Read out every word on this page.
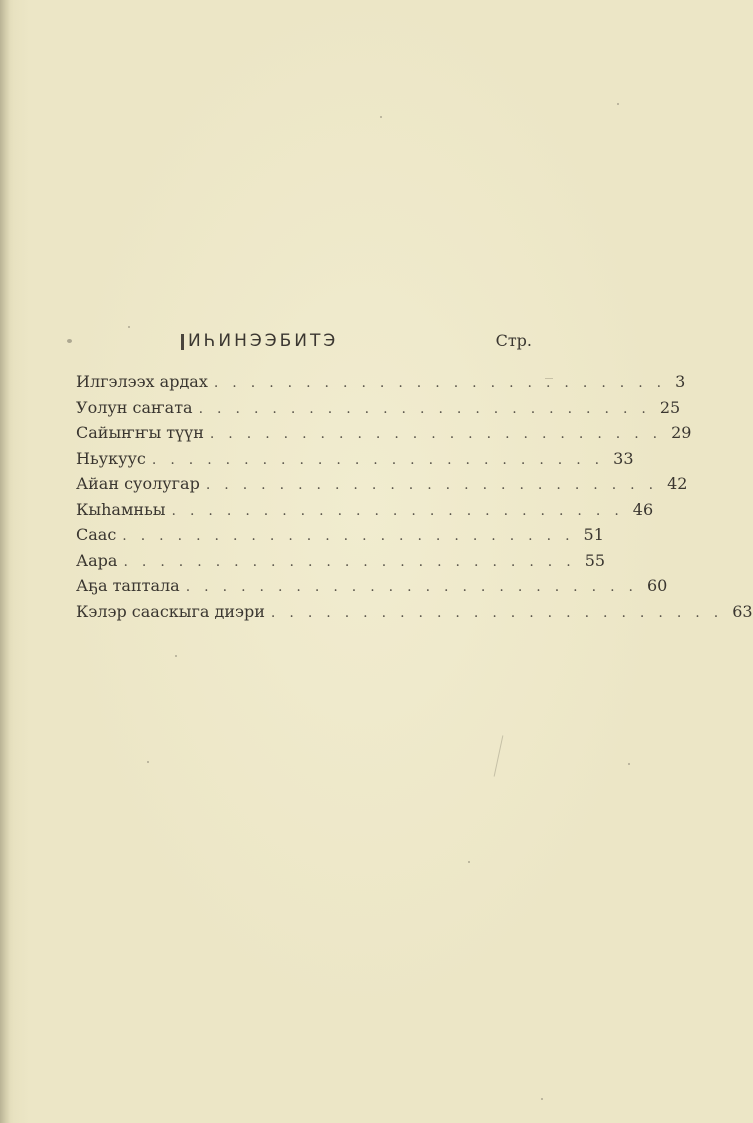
ИҺИНЭЭБИТЭ	Стр.
Илгэлээх ардах ......................... 3
Уолун саҥата ......................... 25
Сайыҥҥы түүн ......................... 29
Ньукуус ......................... 33
Айан суолугар ......................... 42
Кыһамньы ......................... 46
Саас ......................... 51
Аара ......................... 55
Аҕа таптала ......................... 60
Кэлэр сааскыга диэри ......................... 63
